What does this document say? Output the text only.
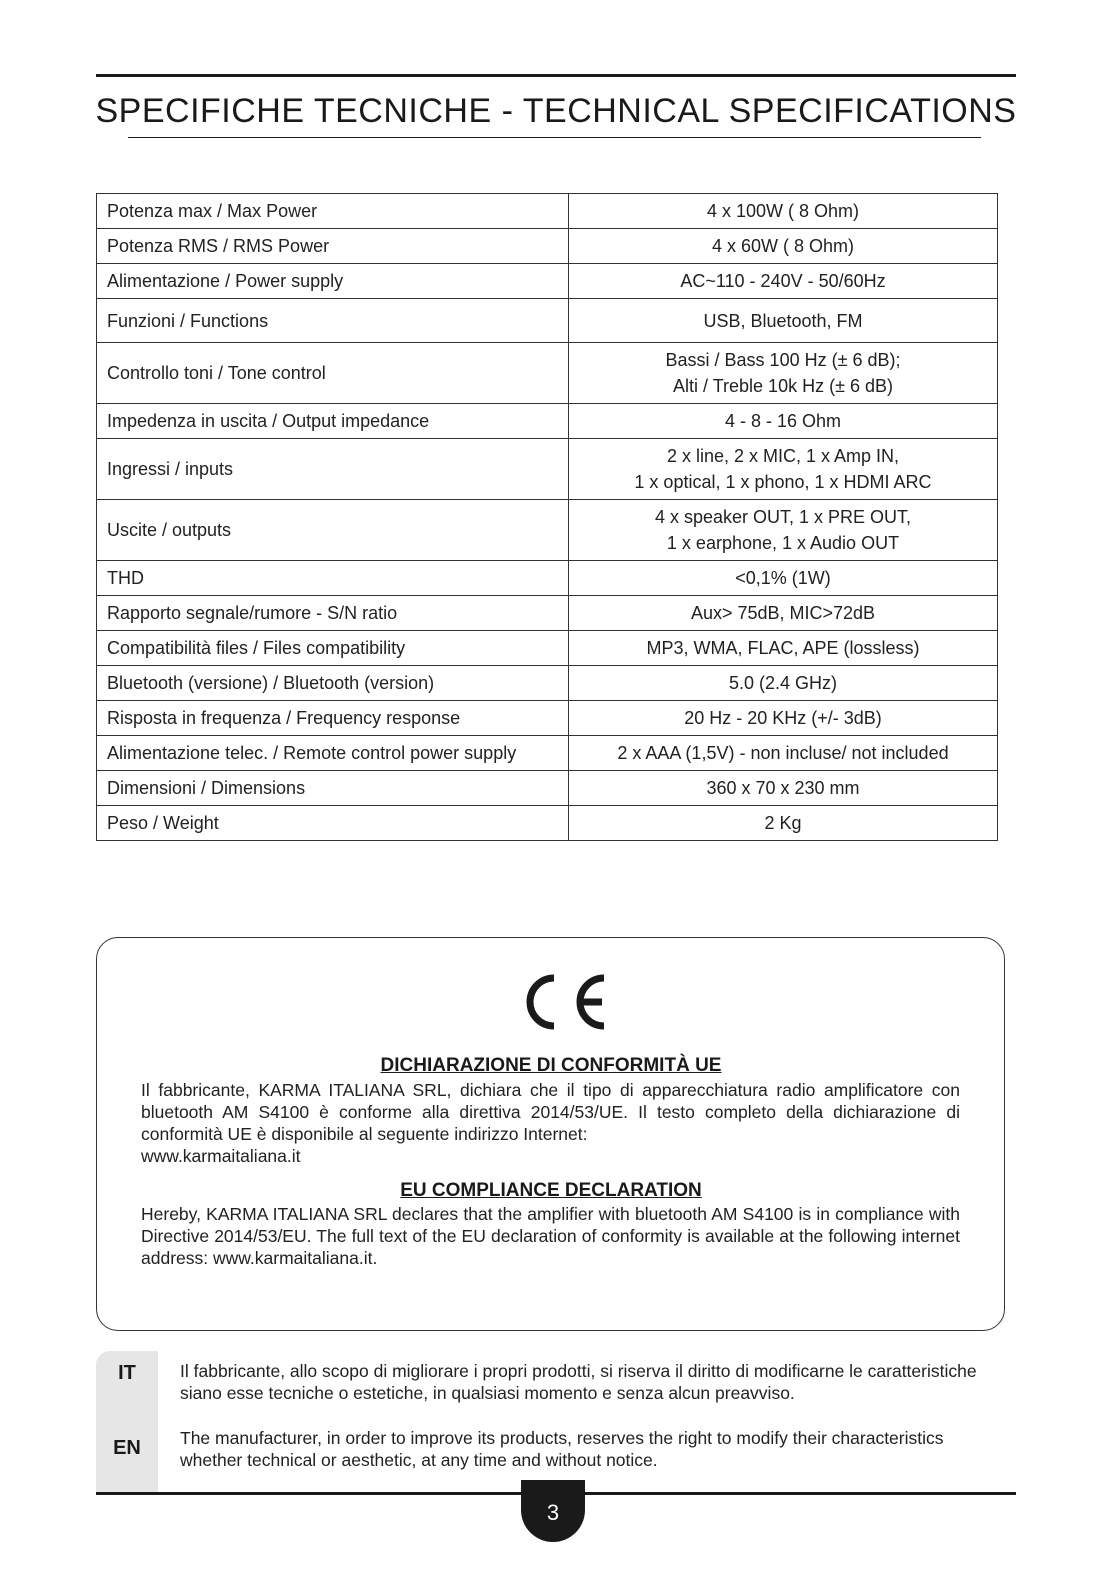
SPECIFICHE TECNICHE - TECHNICAL SPECIFICATIONS
Potenza max / Max Power	4 x 100W ( 8 Ohm)

Potenza RMS / RMS Power	4 x 60W ( 8 Ohm)

Alimentazione / Power supply	AC~110 - 240V - 50/60Hz

Funzioni / Functions	USB, Bluetooth, FM

Controllo toni / Tone control	Bassi / Bass 100 Hz (± 6 dB);
Alti / Treble 10k Hz (± 6 dB)

Impedenza in uscita / Output impedance	4 - 8 - 16 Ohm

Ingressi / inputs	2 x line, 2 x MIC, 1 x Amp IN,
1 x optical, 1 x phono, 1 x HDMI ARC

Uscite / outputs	4 x speaker OUT, 1 x PRE OUT,
1 x earphone, 1 x Audio OUT

THD	<0,1% (1W)

Rapporto segnale/rumore - S/N ratio	Aux> 75dB, MIC>72dB

Compatibilità files / Files compatibility	MP3, WMA, FLAC, APE (lossless)

Bluetooth (versione) / Bluetooth (version)	5.0 (2.4 GHz)

Risposta in frequenza / Frequency response	20 Hz - 20 KHz (+/- 3dB)

Alimentazione telec. / Remote control power supply	2 x AAA (1,5V) - non incluse/ not included

Dimensioni / Dimensions	360 x 70 x 230 mm

Peso / Weight	2 Kg
DICHIARAZIONE DI CONFORMITÀ UE
Il fabbricante, KARMA ITALIANA SRL, dichiara che il tipo di apparecchiatura radio amplificatore con bluetooth AM S4100 è conforme alla direttiva 2014/53/UE. Il testo completo della dichiarazione di conformità UE è disponibile al seguente indirizzo Internet:
www.karmaitaliana.it
EU COMPLIANCE DECLARATION
Hereby, KARMA ITALIANA SRL declares that the amplifier with bluetooth AM S4100 is in compliance with Directive 2014/53/EU. The full text of the EU declaration of conformity is available at the following internet address: www.karmaitaliana.it.
IT	Il fabbricante, allo scopo di migliorare i propri prodotti, si riserva il diritto di modificarne le caratteristiche siano esse tecniche o estetiche, in qualsiasi momento e senza alcun preavviso.
EN	The manufacturer, in order to improve its products, reserves the right to modify their characteristics whether technical or aesthetic, at any time and without notice.
3
